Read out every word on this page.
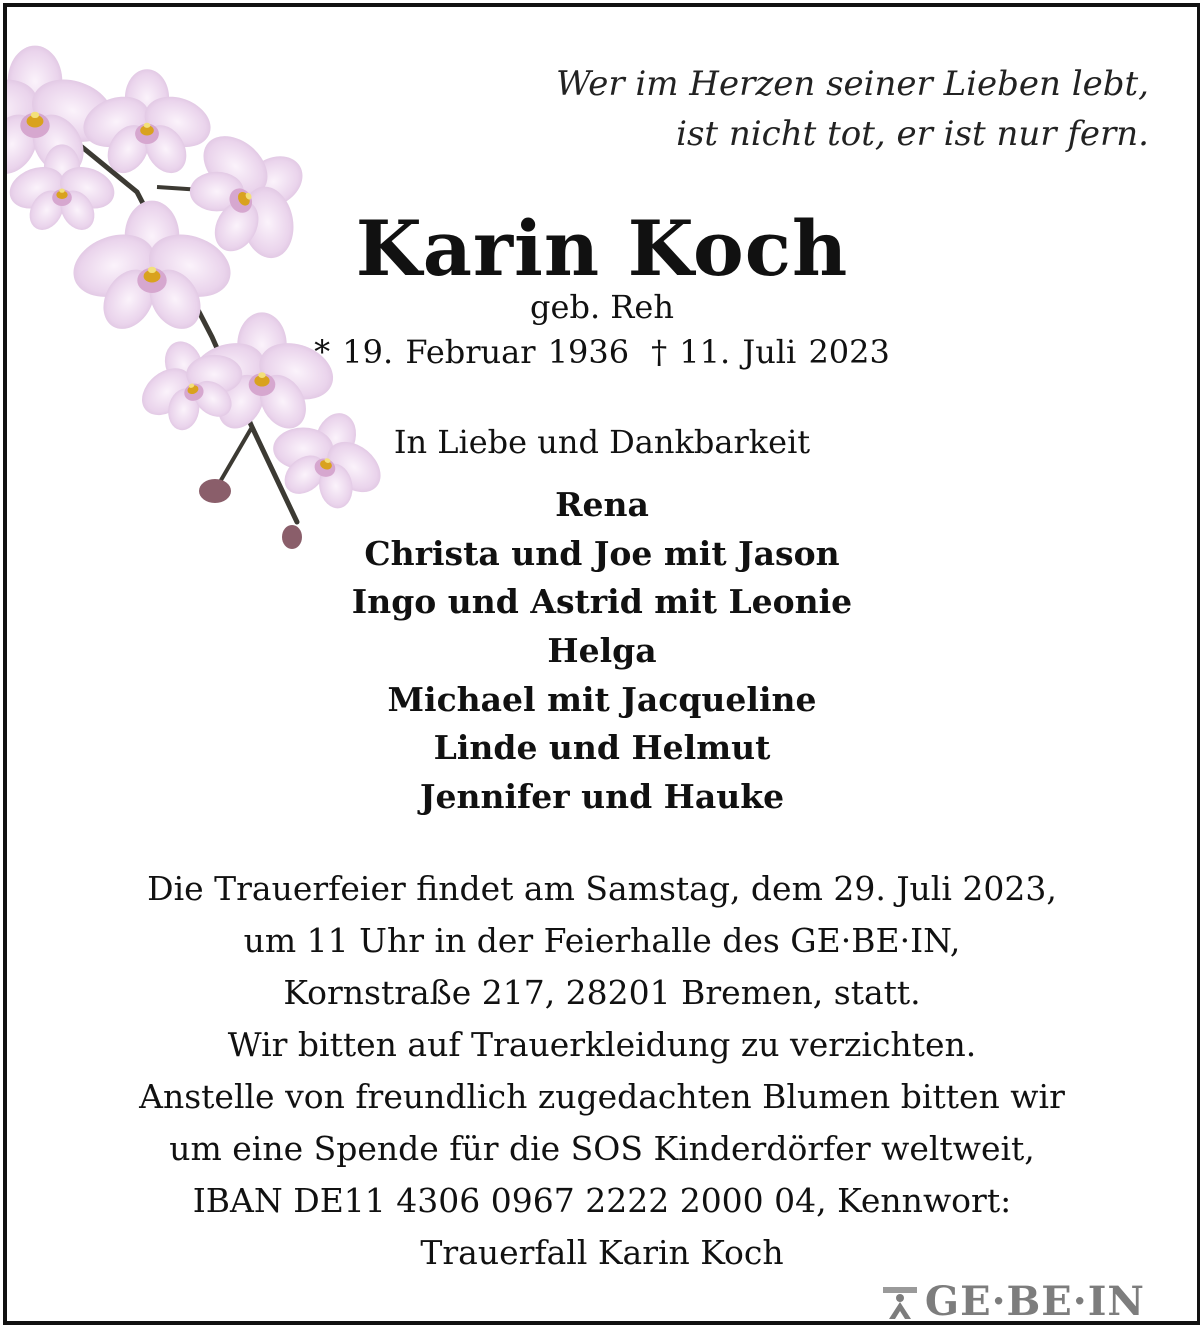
Wer im Herzen seiner Lieben lebt,
ist nicht tot, er ist nur fern.
Karin Koch
geb. Reh
* 19. Februar 1936 † 11. Juli 2023
In Liebe und Dankbarkeit
Rena
Christa und Joe mit Jason
Ingo und Astrid mit Leonie
Helga
Michael mit Jacqueline
Linde und Helmut
Jennifer und Hauke
Die Trauerfeier findet am Samstag, dem 29. Juli 2023,
um 11 Uhr in der Feierhalle des GE·BE·IN,
Kornstraße 217, 28201 Bremen, statt.
Wir bitten auf Trauerkleidung zu verzichten.
Anstelle von freundlich zugedachten Blumen bitten wir
um eine Spende für die SOS Kinderdörfer weltweit,
IBAN DE11 4306 0967 2222 2000 04, Kennwort:
Trauerfall Karin Koch
GE·BE·IN
